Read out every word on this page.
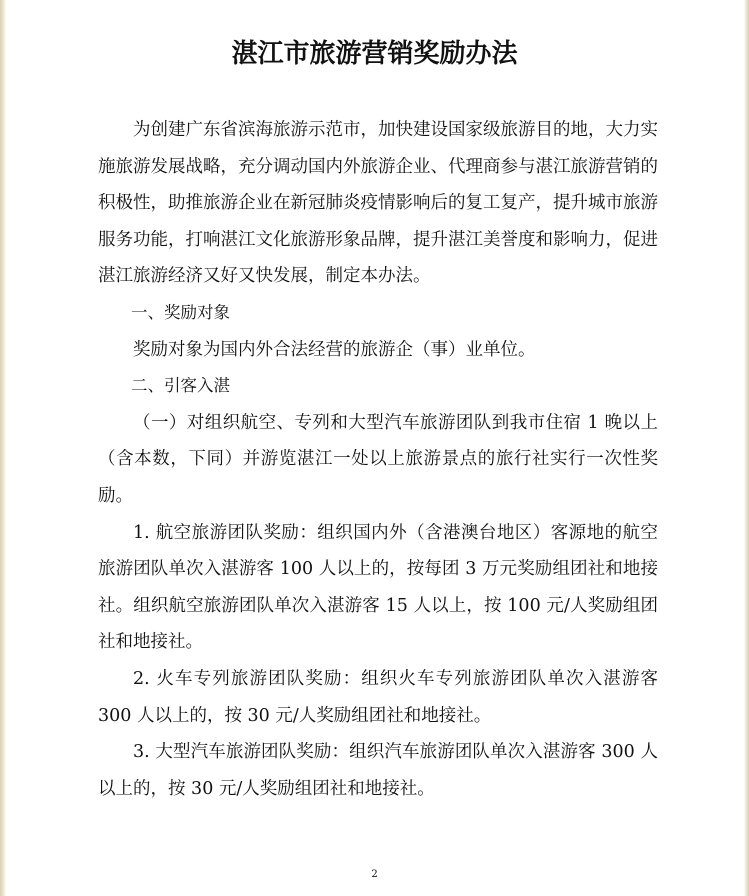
湛江市旅游营销奖励办法

为创建广东省滨海旅游示范市，加快建设国家级旅游目的地，大力实施旅游发展战略，充分调动国内外旅游企业、代理商参与湛江旅游营销的积极性，助推旅游企业在新冠肺炎疫情影响后的复工复产，提升城市旅游服务功能，打响湛江文化旅游形象品牌，提升湛江美誉度和影响力，促进湛江旅游经济又好又快发展，制定本办法。

一、奖励对象

奖励对象为国内外合法经营的旅游企（事）业单位。

二、引客入湛

（一）对组织航空、专列和大型汽车旅游团队到我市住宿 1 晚以上（含本数，下同）并游览湛江一处以上旅游景点的旅行社实行一次性奖励。

1. 航空旅游团队奖励：组织国内外（含港澳台地区）客源地的航空旅游团队单次入湛游客 100 人以上的，按每团 3 万元奖励组团社和地接社。组织航空旅游团队单次入湛游客 15 人以上，按 100 元/人奖励组团社和地接社。

2. 火车专列旅游团队奖励：组织火车专列旅游团队单次入湛游客 300 人以上的，按 30 元/人奖励组团社和地接社。

3. 大型汽车旅游团队奖励：组织汽车旅游团队单次入湛游客 300 人以上的，按 30 元/人奖励组团社和地接社。

2
